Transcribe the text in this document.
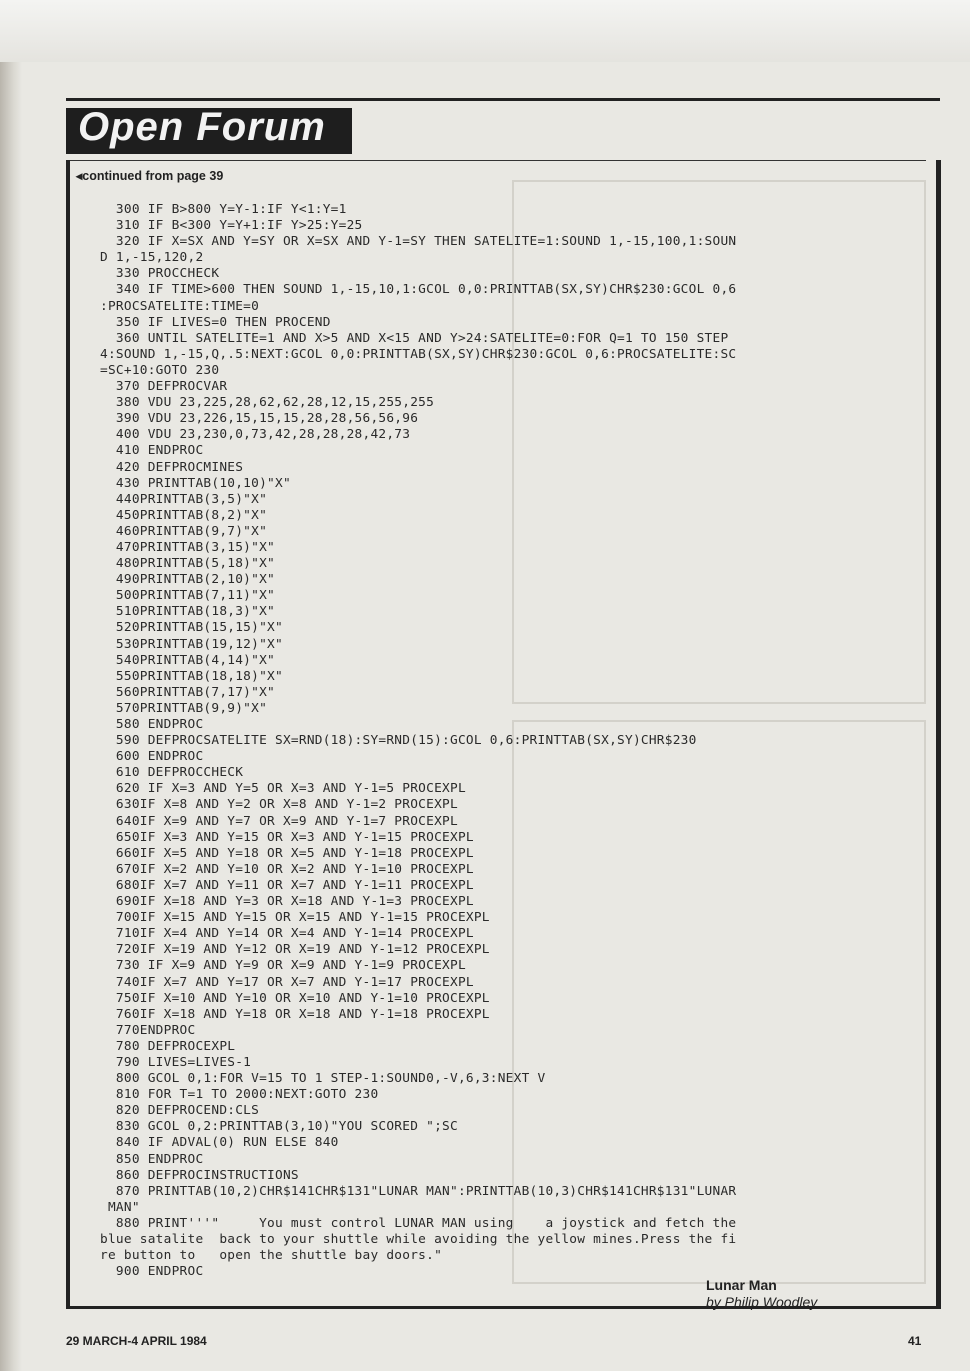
Open Forum
◂continued from page 39
300 IF B>800 Y=Y-1:IF Y<1:Y=1
310 IF B<300 Y=Y+1:IF Y>25:Y=25
320 IF X=SX AND Y=SY OR X=SX AND Y-1=SY THEN SATELITE=1:SOUND 1,-15,100,1:SOUN
D 1,-15,120,2
330 PROCCHECK
340 IF TIME>600 THEN SOUND 1,-15,10,1:GCOL 0,0:PRINTTAB(SX,SY)CHR$230:GCOL 0,6
:PROCSATELITE:TIME=0
350 IF LIVES=0 THEN PROCEND
360 UNTIL SATELITE=1 AND X>5 AND X<15 AND Y>24:SATELITE=0:FOR Q=1 TO 150 STEP
4:SOUND 1,-15,Q,.5:NEXT:GCOL 0,0:PRINTTAB(SX,SY)CHR$230:GCOL 0,6:PROCSATELITE:SC
=SC+10:GOTO 230
370 DEFPROCVAR
380 VDU 23,225,28,62,62,28,12,15,255,255
390 VDU 23,226,15,15,15,28,28,56,56,96
400 VDU 23,230,0,73,42,28,28,28,42,73
410 ENDPROC
420 DEFPROCMINES
430 PRINTTAB(10,10)"X"
440PRINTTAB(3,5)"X"
450PRINTTAB(8,2)"X"
460PRINTTAB(9,7)"X"
470PRINTTAB(3,15)"X"
480PRINTTAB(5,18)"X"
490PRINTTAB(2,10)"X"
500PRINTTAB(7,11)"X"
510PRINTTAB(18,3)"X"
520PRINTTAB(15,15)"X"
530PRINTTAB(19,12)"X"
540PRINTTAB(4,14)"X"
550PRINTTAB(18,18)"X"
560PRINTTAB(7,17)"X"
570PRINTTAB(9,9)"X"
580 ENDPROC
590 DEFPROCSATELITE SX=RND(18):SY=RND(15):GCOL 0,6:PRINTTAB(SX,SY)CHR$230
600 ENDPROC
610 DEFPROCCHECK
620 IF X=3 AND Y=5 OR X=3 AND Y-1=5 PROCEXPL
630IF X=8 AND Y=2 OR X=8 AND Y-1=2 PROCEXPL
640IF X=9 AND Y=7 OR X=9 AND Y-1=7 PROCEXPL
650IF X=3 AND Y=15 OR X=3 AND Y-1=15 PROCEXPL
660IF X=5 AND Y=18 OR X=5 AND Y-1=18 PROCEXPL
670IF X=2 AND Y=10 OR X=2 AND Y-1=10 PROCEXPL
680IF X=7 AND Y=11 OR X=7 AND Y-1=11 PROCEXPL
690IF X=18 AND Y=3 OR X=18 AND Y-1=3 PROCEXPL
700IF X=15 AND Y=15 OR X=15 AND Y-1=15 PROCEXPL
710IF X=4 AND Y=14 OR X=4 AND Y-1=14 PROCEXPL
720IF X=19 AND Y=12 OR X=19 AND Y-1=12 PROCEXPL
730 IF X=9 AND Y=9 OR X=9 AND Y-1=9 PROCEXPL
740IF X=7 AND Y=17 OR X=7 AND Y-1=17 PROCEXPL
750IF X=10 AND Y=10 OR X=10 AND Y-1=10 PROCEXPL
760IF X=18 AND Y=18 OR X=18 AND Y-1=18 PROCEXPL
770ENDPROC
780 DEFPROCEXPL
790 LIVES=LIVES-1
800 GCOL 0,1:FOR V=15 TO 1 STEP-1:SOUND0,-V,6,3:NEXT V
810 FOR T=1 TO 2000:NEXT:GOTO 230
820 DEFPROCEND:CLS
830 GCOL 0,2:PRINTTAB(3,10)"YOU SCORED ";SC
840 IF ADVAL(0) RUN ELSE 840
850 ENDPROC
860 DEFPROCINSTRUCTIONS
870 PRINTTAB(10,2)CHR$141CHR$131"LUNAR MAN":PRINTTAB(10,3)CHR$141CHR$131"LUNAR
MAN"
880 PRINT'''"     You must control LUNAR MAN using    a joystick and fetch the
blue satalite  back to your shuttle while avoiding the yellow mines.Press the fi
re button to   open the shuttle bay doors."
900 ENDPROC
Lunar Man
by Philip Woodley
29 MARCH-4 APRIL 1984	41
